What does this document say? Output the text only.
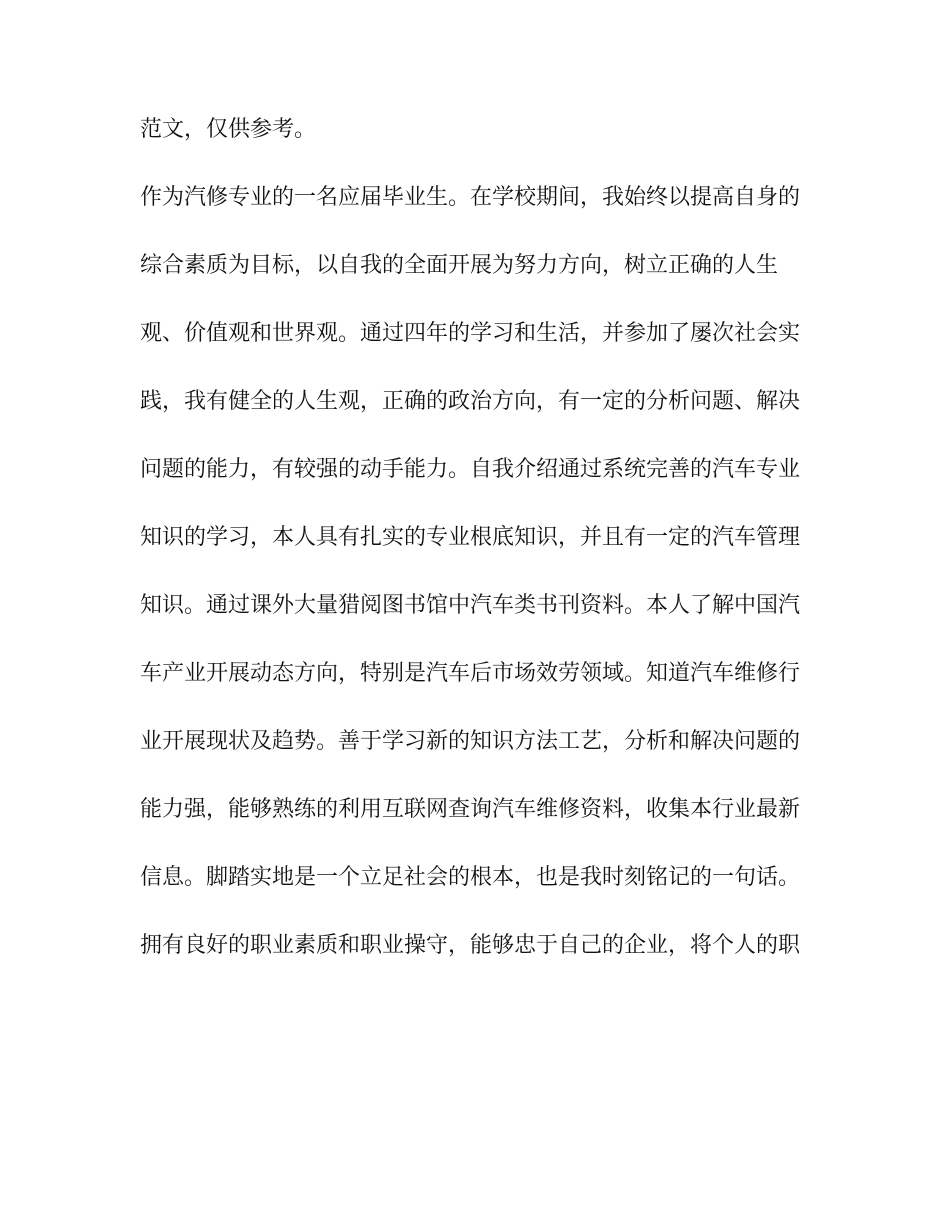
范文，仅供参考。
作为汽修专业的一名应届毕业生。在学校期间，我始终以提高自身的
综合素质为目标，以自我的全面开展为努力方向，树立正确的人生
观、价值观和世界观。通过四年的学习和生活，并参加了屡次社会实
践，我有健全的人生观，正确的政治方向，有一定的分析问题、解决
问题的能力，有较强的动手能力。自我介绍通过系统完善的汽车专业
知识的学习，本人具有扎实的专业根底知识，并且有一定的汽车管理
知识。通过课外大量猎阅图书馆中汽车类书刊资料。本人了解中国汽
车产业开展动态方向，特别是汽车后市场效劳领域。知道汽车维修行
业开展现状及趋势。善于学习新的知识方法工艺，分析和解决问题的
能力强，能够熟练的利用互联网查询汽车维修资料，收集本行业最新
信息。脚踏实地是一个立足社会的根本，也是我时刻铭记的一句话。
拥有良好的职业素质和职业操守，能够忠于自己的企业，将个人的职
